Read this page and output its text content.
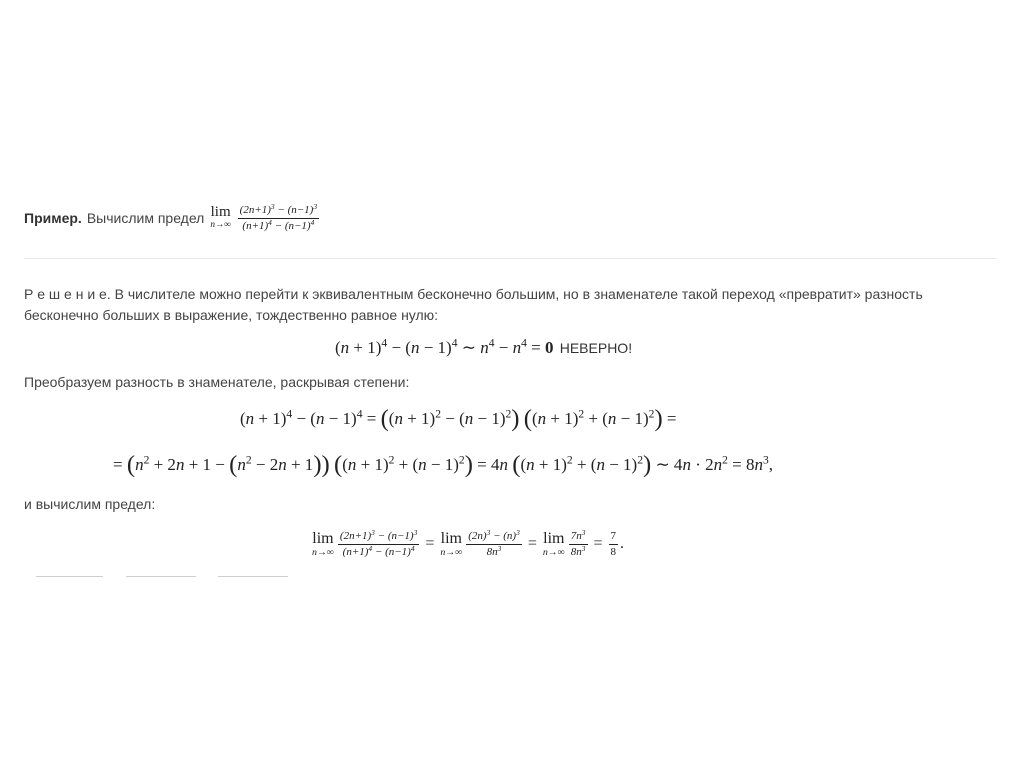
Пример. Вычислим предел lim
n→∞
$\frac{(2n+1)^3 - (n-1)^3}{(n+1)^4 - (n-1)^4}$
Р е ш е н и е. В числителе можно перейти к эквивалентным бесконечно большим, но в знаменателе такой переход «превратит» разность
бесконечно больших в выражение, тождественно равное нулю:
$(n + 1)^4 - (n - 1)^4$ ∼ $n^4 - n^4 = 0$ НЕВЕРНО!
Преобразуем разность в знаменателе, раскрывая степени:
$(n + 1)^4 - (n - 1)^4 = ((n + 1)^2 - (n - 1)^2)$ $((n + 1)^2 + (n - 1)^2)$ =
= $(n^2 + 2n + 1 - (n^2 - 2n + 1)) ((n + 1)^2 + (n - 1)^2) = 4n$ $((n + 1)^2 + (n - 1)^2)$ ∼ $4n \cdot 2n^2 = 8n^3$,
и вычислим предел:
lim
$n\to\infty \frac{(2n+1)^3 - (n-1)^3}{(n+1)^4 - (n-1)^4} = \lim$
$n\to\infty \frac{(2n)^3 - (n)^3}{8n^3} = \lim$
$n\to\infty \frac{7n^3}{8n^3} = \frac{7}{8}$ .
